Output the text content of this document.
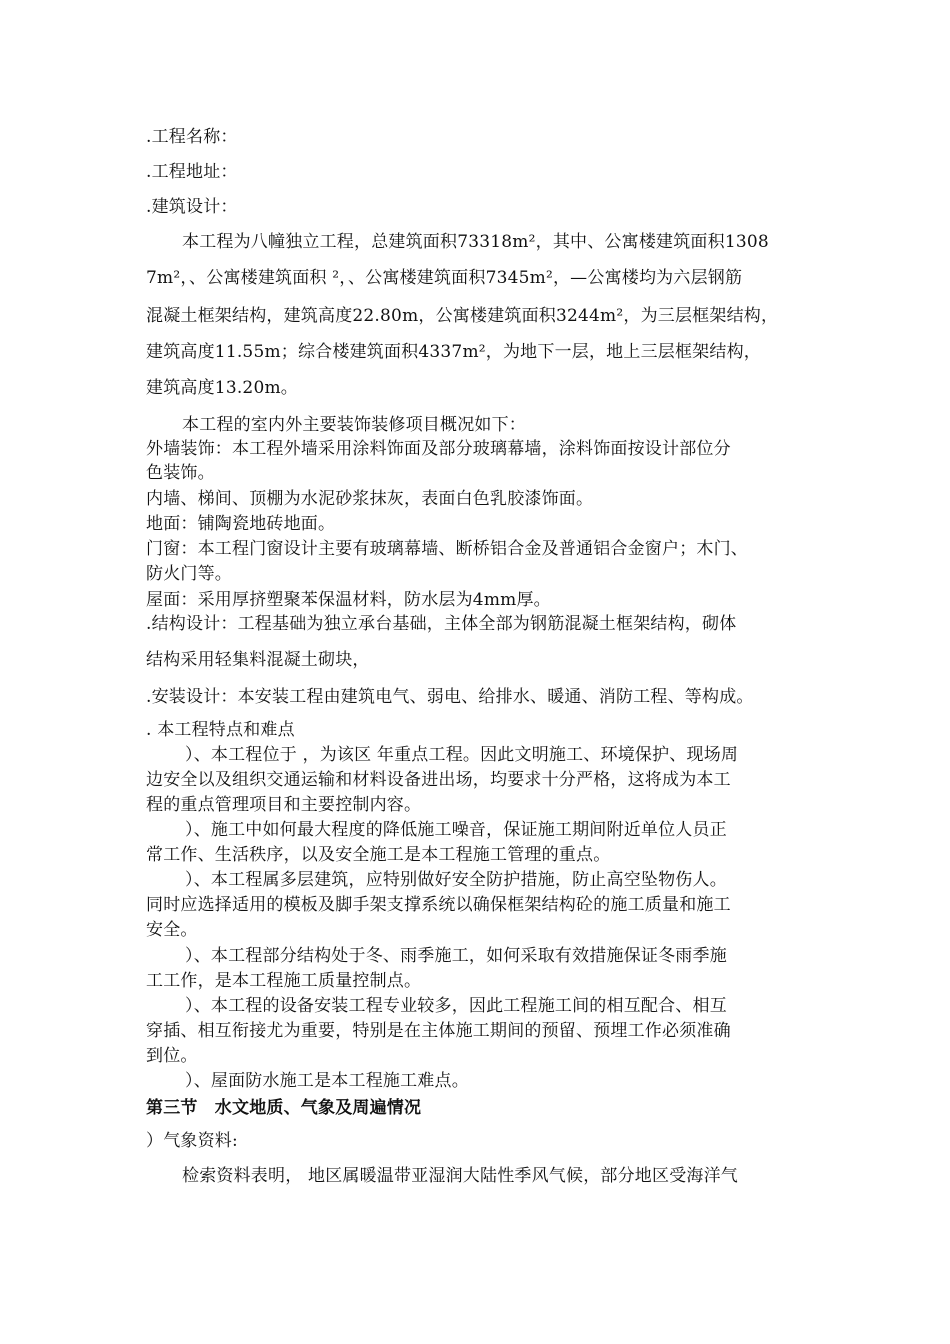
.工程名称：
.工程地址：
.建筑设计：
本工程为八幢独立工程，总建筑面积73318m²，其中、公寓楼建筑面积1308
7m²，、公寓楼建筑面积 ²，、公寓楼建筑面积7345m²，—公寓楼均为六层钢筋
混凝土框架结构，建筑高度22.80m，公寓楼建筑面积3244m²，为三层框架结构，
建筑高度11.55m；综合楼建筑面积4337m²，为地下一层，地上三层框架结构，
建筑高度13.20m。
本工程的室内外主要装饰装修项目概况如下：
外墙装饰：本工程外墙采用涂料饰面及部分玻璃幕墙，涂料饰面按设计部位分
色装饰。
内墙、梯间、顶棚为水泥砂浆抹灰，表面白色乳胶漆饰面。
地面：铺陶瓷地砖地面。
门窗：本工程门窗设计主要有玻璃幕墙、断桥铝合金及普通铝合金窗户；木门、
防火门等。
屋面：采用厚挤塑聚苯保温材料，防水层为4mm厚。
.结构设计：工程基础为独立承台基础，主体全部为钢筋混凝土框架结构，砌体
结构采用轻集料混凝土砌块，
.安装设计：本安装工程由建筑电气、弱电、给排水、暖通、消防工程、等构成。
. 本工程特点和难点
）、本工程位于 ，为该区 年重点工程。因此文明施工、环境保护、现场周
边安全以及组织交通运输和材料设备进出场，均要求十分严格，这将成为本工
程的重点管理项目和主要控制内容。
）、施工中如何最大程度的降低施工噪音，保证施工期间附近单位人员正
常工作、生活秩序，以及安全施工是本工程施工管理的重点。
）、本工程属多层建筑，应特别做好安全防护措施，防止高空坠物伤人。
同时应选择适用的模板及脚手架支撑系统以确保框架结构砼的施工质量和施工
安全。
）、本工程部分结构处于冬、雨季施工，如何采取有效措施保证冬雨季施
工工作，是本工程施工质量控制点。
）、本工程的设备安装工程专业较多，因此工程施工间的相互配合、相互
穿插、相互衔接尤为重要，特别是在主体施工期间的预留、预埋工作必须准确
到位。
）、屋面防水施工是本工程施工难点。
第三节　水文地质、气象及周遍情况
）气象资料:
检索资料表明， 地区属暖温带亚湿润大陆性季风气候，部分地区受海洋气
